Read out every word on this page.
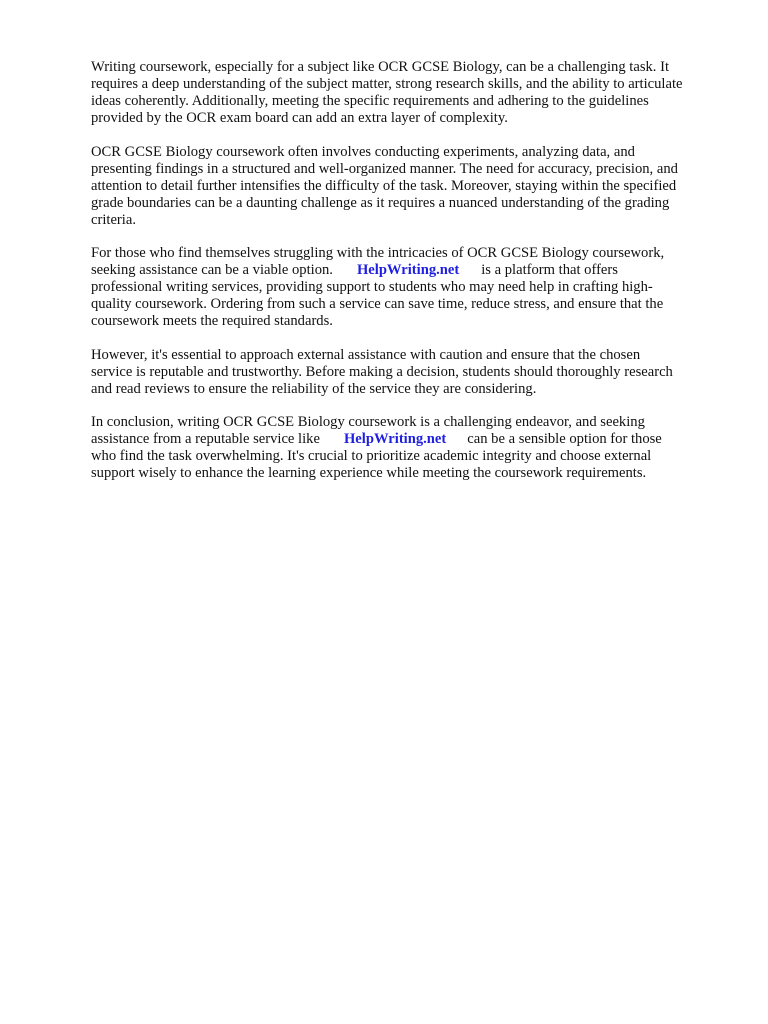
Writing coursework, especially for a subject like OCR GCSE Biology, can be a challenging task. It
requires a deep understanding of the subject matter, strong research skills, and the ability to articulate
ideas coherently. Additionally, meeting the specific requirements and adhering to the guidelines
provided by the OCR exam board can add an extra layer of complexity.

OCR GCSE Biology coursework often involves conducting experiments, analyzing data, and
presenting findings in a structured and well-organized manner. The need for accuracy, precision, and
attention to detail further intensifies the difficulty of the task. Moreover, staying within the specified
grade boundaries can be a daunting challenge as it requires a nuanced understanding of the grading
criteria.

For those who find themselves struggling with the intricacies of OCR GCSE Biology coursework,
seeking assistance can be a viable option. HelpWriting.net is a platform that offers
professional writing services, providing support to students who may need help in crafting high-
quality coursework. Ordering from such a service can save time, reduce stress, and ensure that the
coursework meets the required standards.

However, it's essential to approach external assistance with caution and ensure that the chosen
service is reputable and trustworthy. Before making a decision, students should thoroughly research
and read reviews to ensure the reliability of the service they are considering.

In conclusion, writing OCR GCSE Biology coursework is a challenging endeavor, and seeking
assistance from a reputable service like HelpWriting.net can be a sensible option for those
who find the task overwhelming. It's crucial to prioritize academic integrity and choose external
support wisely to enhance the learning experience while meeting the coursework requirements.
